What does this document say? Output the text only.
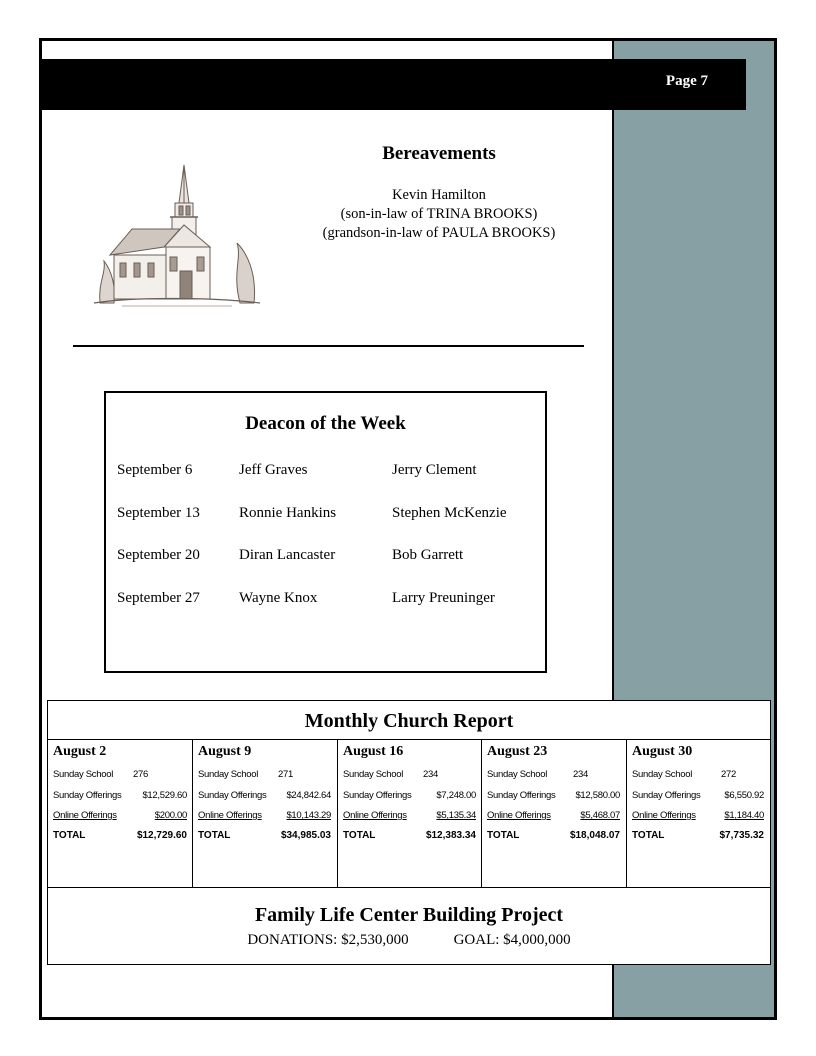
Page 7
Bereavements
Kevin Hamilton
(son-in-law of TRINA BROOKS)
(grandson-in-law of PAULA BROOKS)
Deacon of the Week
September 6	Jeff Graves	Jerry Clement
September 13	Ronnie Hankins	Stephen McKenzie
September 20	Diran Lancaster	Bob Garrett
September 27	Wayne Knox	Larry Preuninger
Monthly Church Report
August 2
Sunday School 276
Sunday Offerings $12,529.60
Online Offerings	$200.00
TOTAL	$12,729.60
August 9
Sunday School 271
Sunday Offerings $24,842.64
Online Offerings	$10,143.29
TOTAL	$34,985.03
August 16
Sunday School 234
Sunday Offerings	$7,248.00
Online Offerings	$5,135.34
TOTAL	$12,383.34
August 23
Sunday School	234
Sunday Offerings $12,580.00
Online Offerings	$5,468.07
TOTAL	$18,048.07
August 30
Sunday School	272
Sunday Offerings	$6,550.92
Online Offerings	$1,184.40
TOTAL	$7,735.32
Family Life Center Building Project
DONATIONS: $2,530,000	GOAL: $4,000,000
